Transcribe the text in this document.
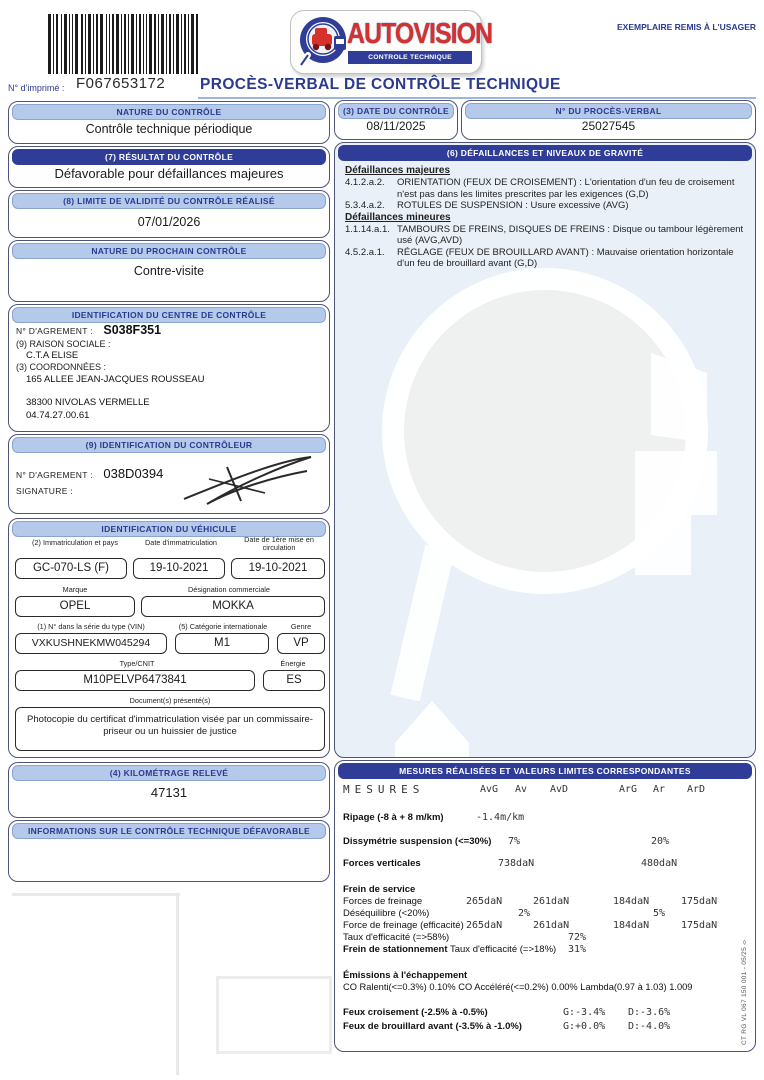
AUTOVISION
CONTROLE TECHNIQUE AUTOMOBILE
EXEMPLAIRE REMIS À L'USAGER
N° d'imprimé : F067653172 PROCÈS-VERBAL DE CONTRÔLE TECHNIQUE
NATURE DU CONTRÔLE
Contrôle technique périodique
(7) RÉSULTAT DU CONTRÔLE
Défavorable pour défaillances majeures
(8) LIMITE DE VALIDITÉ DU CONTRÔLE RÉALISÉ
07/01/2026
NATURE DU PROCHAIN CONTRÔLE
Contre-visite
IDENTIFICATION DU CENTRE DE CONTRÔLE
N° D'AGREMENT : S038F351
(9) RAISON SOCIALE :
C.T.A ELISE
(3) COORDONNÉES :
165 ALLEE JEAN-JACQUES ROUSSEAU
38300 NIVOLAS VERMELLE
04.74.27.00.61
(9) IDENTIFICATION DU CONTRÔLEUR
N° D'AGREMENT : 038D0394
SIGNATURE :
IDENTIFICATION DU VÉHICULE
(2) Immatriculation et pays	Date d'immatriculation	Date de 1ère mise en circulation
GC-070-LS (F)	19-10-2021	19-10-2021
Marque	Désignation commerciale
OPEL	MOKKA
(1) N° dans la série du type (VIN)	(5) Catégorie internationale	Genre
VXKUSHNEKMW045294	M1	VP
Type/CNIT	Énergie
M10PELVP6473841	ES
Document(s) présenté(s)
Photocopie du certificat d'immatriculation visée par un commissaire-priseur ou un huissier de justice
(4) KILOMÉTRAGE RELEVÉ
47131
INFORMATIONS SUR LE CONTRÔLE TECHNIQUE DÉFAVORABLE
(3) DATE DU CONTRÔLE
08/11/2025
N° DU PROCÈS-VERBAL
25027545
(6) DÉFAILLANCES ET NIVEAUX DE GRAVITÉ
Défaillances majeures
4.1.2.a.2.	ORIENTATION (FEUX DE CROISEMENT) : L'orientation d'un feu de croisement n'est pas dans les limites prescrites par les exigences (G,D)
5.3.4.a.2.	ROTULES DE SUSPENSION : Usure excessive (AVG)
Défaillances mineures
1.1.14.a.1. TAMBOURS DE FREINS, DISQUES DE FREINS : Disque ou tambour légèrement usé (AVG,AVD)
4.5.2.a.1.	RÉGLAGE (FEUX DE BROUILLARD AVANT) : Mauvaise orientation horizontale d'un feu de brouillard avant (G,D)
MESURES RÉALISÉES ET VALEURS LIMITES CORRESPONDANTES
MESURES	AvG Av AvD	ArG Ar ArD
Ripage (-8 à + 8 m/km)	-1.4m/km
Dissymétrie suspension (<=30%) 7%	20%
Forces verticales	738daN	480daN
Frein de service
Forces de freinage	265daN	261daN	184daN	175daN
Déséquilibre (<20%)	2%	5%
Force de freinage (efficacité) 265daN	261daN	184daN	175daN
Taux d'efficacité (=>58%)	72%
Frein de stationnement Taux d'efficacité (=>18%) 31%
Émissions à l'échappement
CO Ralenti(<=0.3%) 0.10% CO Accéléré(<=0.2%) 0.00% Lambda(0.97 à 1.03) 1.009
Feux croisement (-2.5% à -0.5%)	G:-3.4% D:-3.6%
Feux de brouillard avant (-3.5% à -1.0%)	G:+0.0% D:-4.0%	CT RG VL 067 150 001 - 05/25 ◊
